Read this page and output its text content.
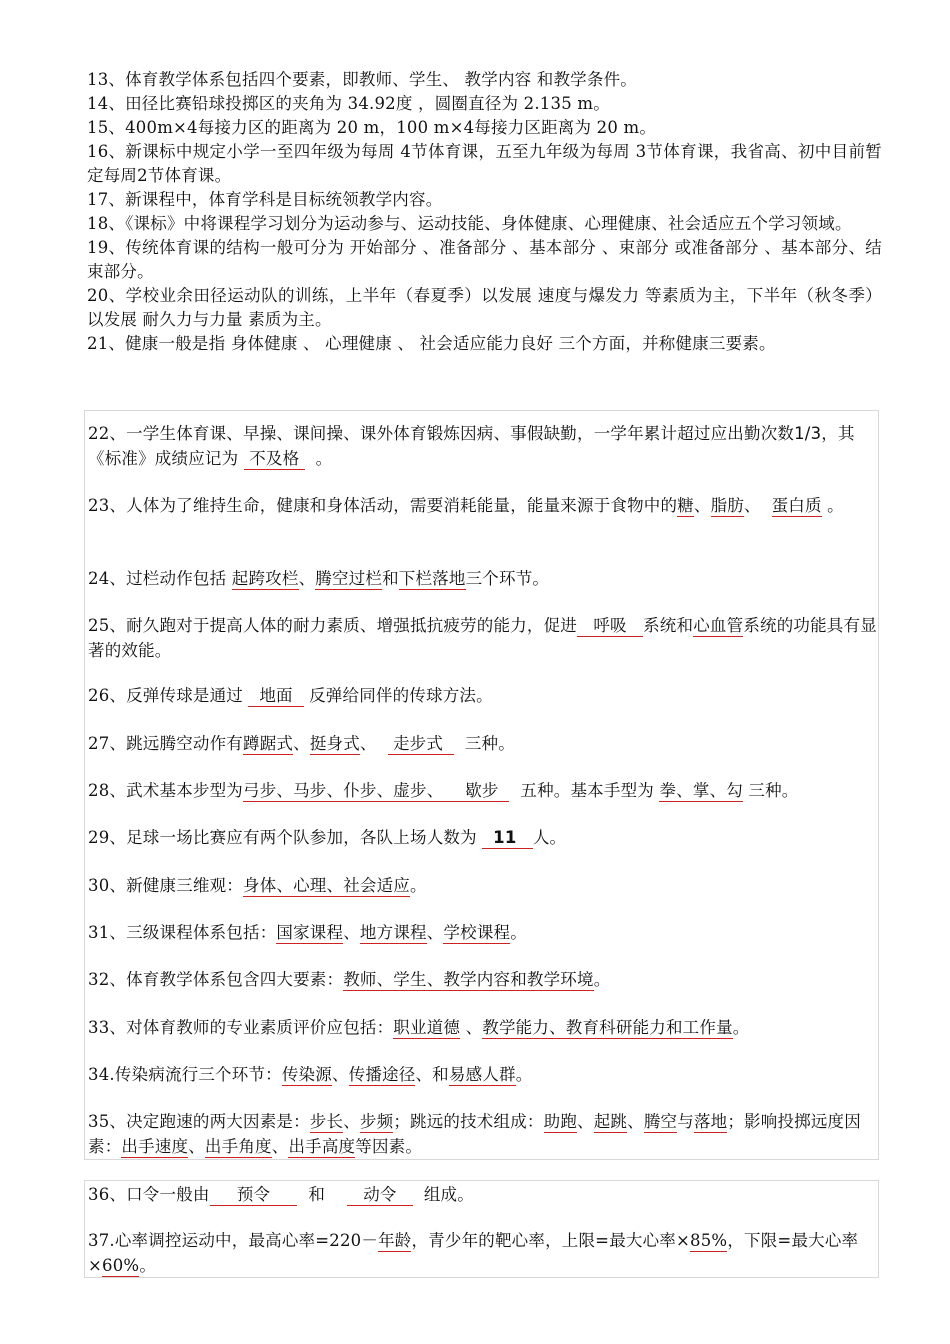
13、体育教学体系包括四个要素，即教师、学生、 教学内容 和教学条件。

14、田径比赛铅球投掷区的夹角为 34.92度 ，圆圈直径为 2.135 m。

15、400m×4每接力区的距离为 20 m，100 m×4每接力区距离为 20 m。

16、新课标中规定小学一至四年级为每周 4节体育课，五至九年级为每周 3节体育课，我省高、初中目前暂定每周2节体育课。

17、新课程中，体育学科是目标统领教学内容。

18、《课标》中将课程学习划分为运动参与、运动技能、身体健康、心理健康、社会适应五个学习领域。

19、传统体育课的结构一般可分为 开始部分 、准备部分 、基本部分 、束部分 或准备部分 、基本部分、结束部分。

20、学校业余田径运动队的训练，上半年（春夏季）以发展 速度与爆发力 等素质为主，下半年（秋冬季）以发展 耐久力与力量 素质为主。

21、健康一般是指 身体健康 、 心理健康 、 社会适应能力良好 三个方面，并称健康三要素。

22、一学生体育课、早操、课间操、课外体育锻炼因病、事假缺勤，一学年累计超过应出勤次数1/3，其《标准》成绩应记为  不及格   。

23、人体为了维持生命，健康和身体活动，需要消耗能量，能量来源于食物中的糖、脂肪、 蛋白质 。

24、过栏动作包括 起跨攻栏、腾空过栏和下栏落地三个环节。

25、耐久跑对于提高人体的耐力素质、增强抵抗疲劳的能力，促进 呼吸 系统和心血管系统的功能具有显著的效能。

26、反弹传球是通过 地面 反弹给同伴的传球方法。

27、跳远腾空动作有蹲踞式、挺身式、 走步式 三种。

28、武术基本步型为弓步、马步、仆步、虚步、 歇步 五种。基本手型为 拳、掌、勾 三种。

29、足球一场比赛应有两个队参加，各队上场人数为 11 人。

30、新健康三维观：身体、心理、社会适应。

31、三级课程体系包括：国家课程、地方课程、学校课程。

32、体育教学体系包含四大要素：教师、学生、教学内容和教学环境。

33、对体育教师的专业素质评价应包括：职业道德 、教学能力、教育科研能力和工作量。

34.传染病流行三个环节：传染源、传播途径、和易感人群。

35、决定跑速的两大因素是：步长、步频；跳远的技术组成：助跑、起跳、腾空与落地；影响投掷远度因素：出手速度、出手角度、出手高度等因素。

36、口令一般由 预令 和 动令 组成。

37.心率调控运动中，最高心率=220－年龄，青少年的靶心率，上限=最大心率×85%，下限=最大心率×60%。
